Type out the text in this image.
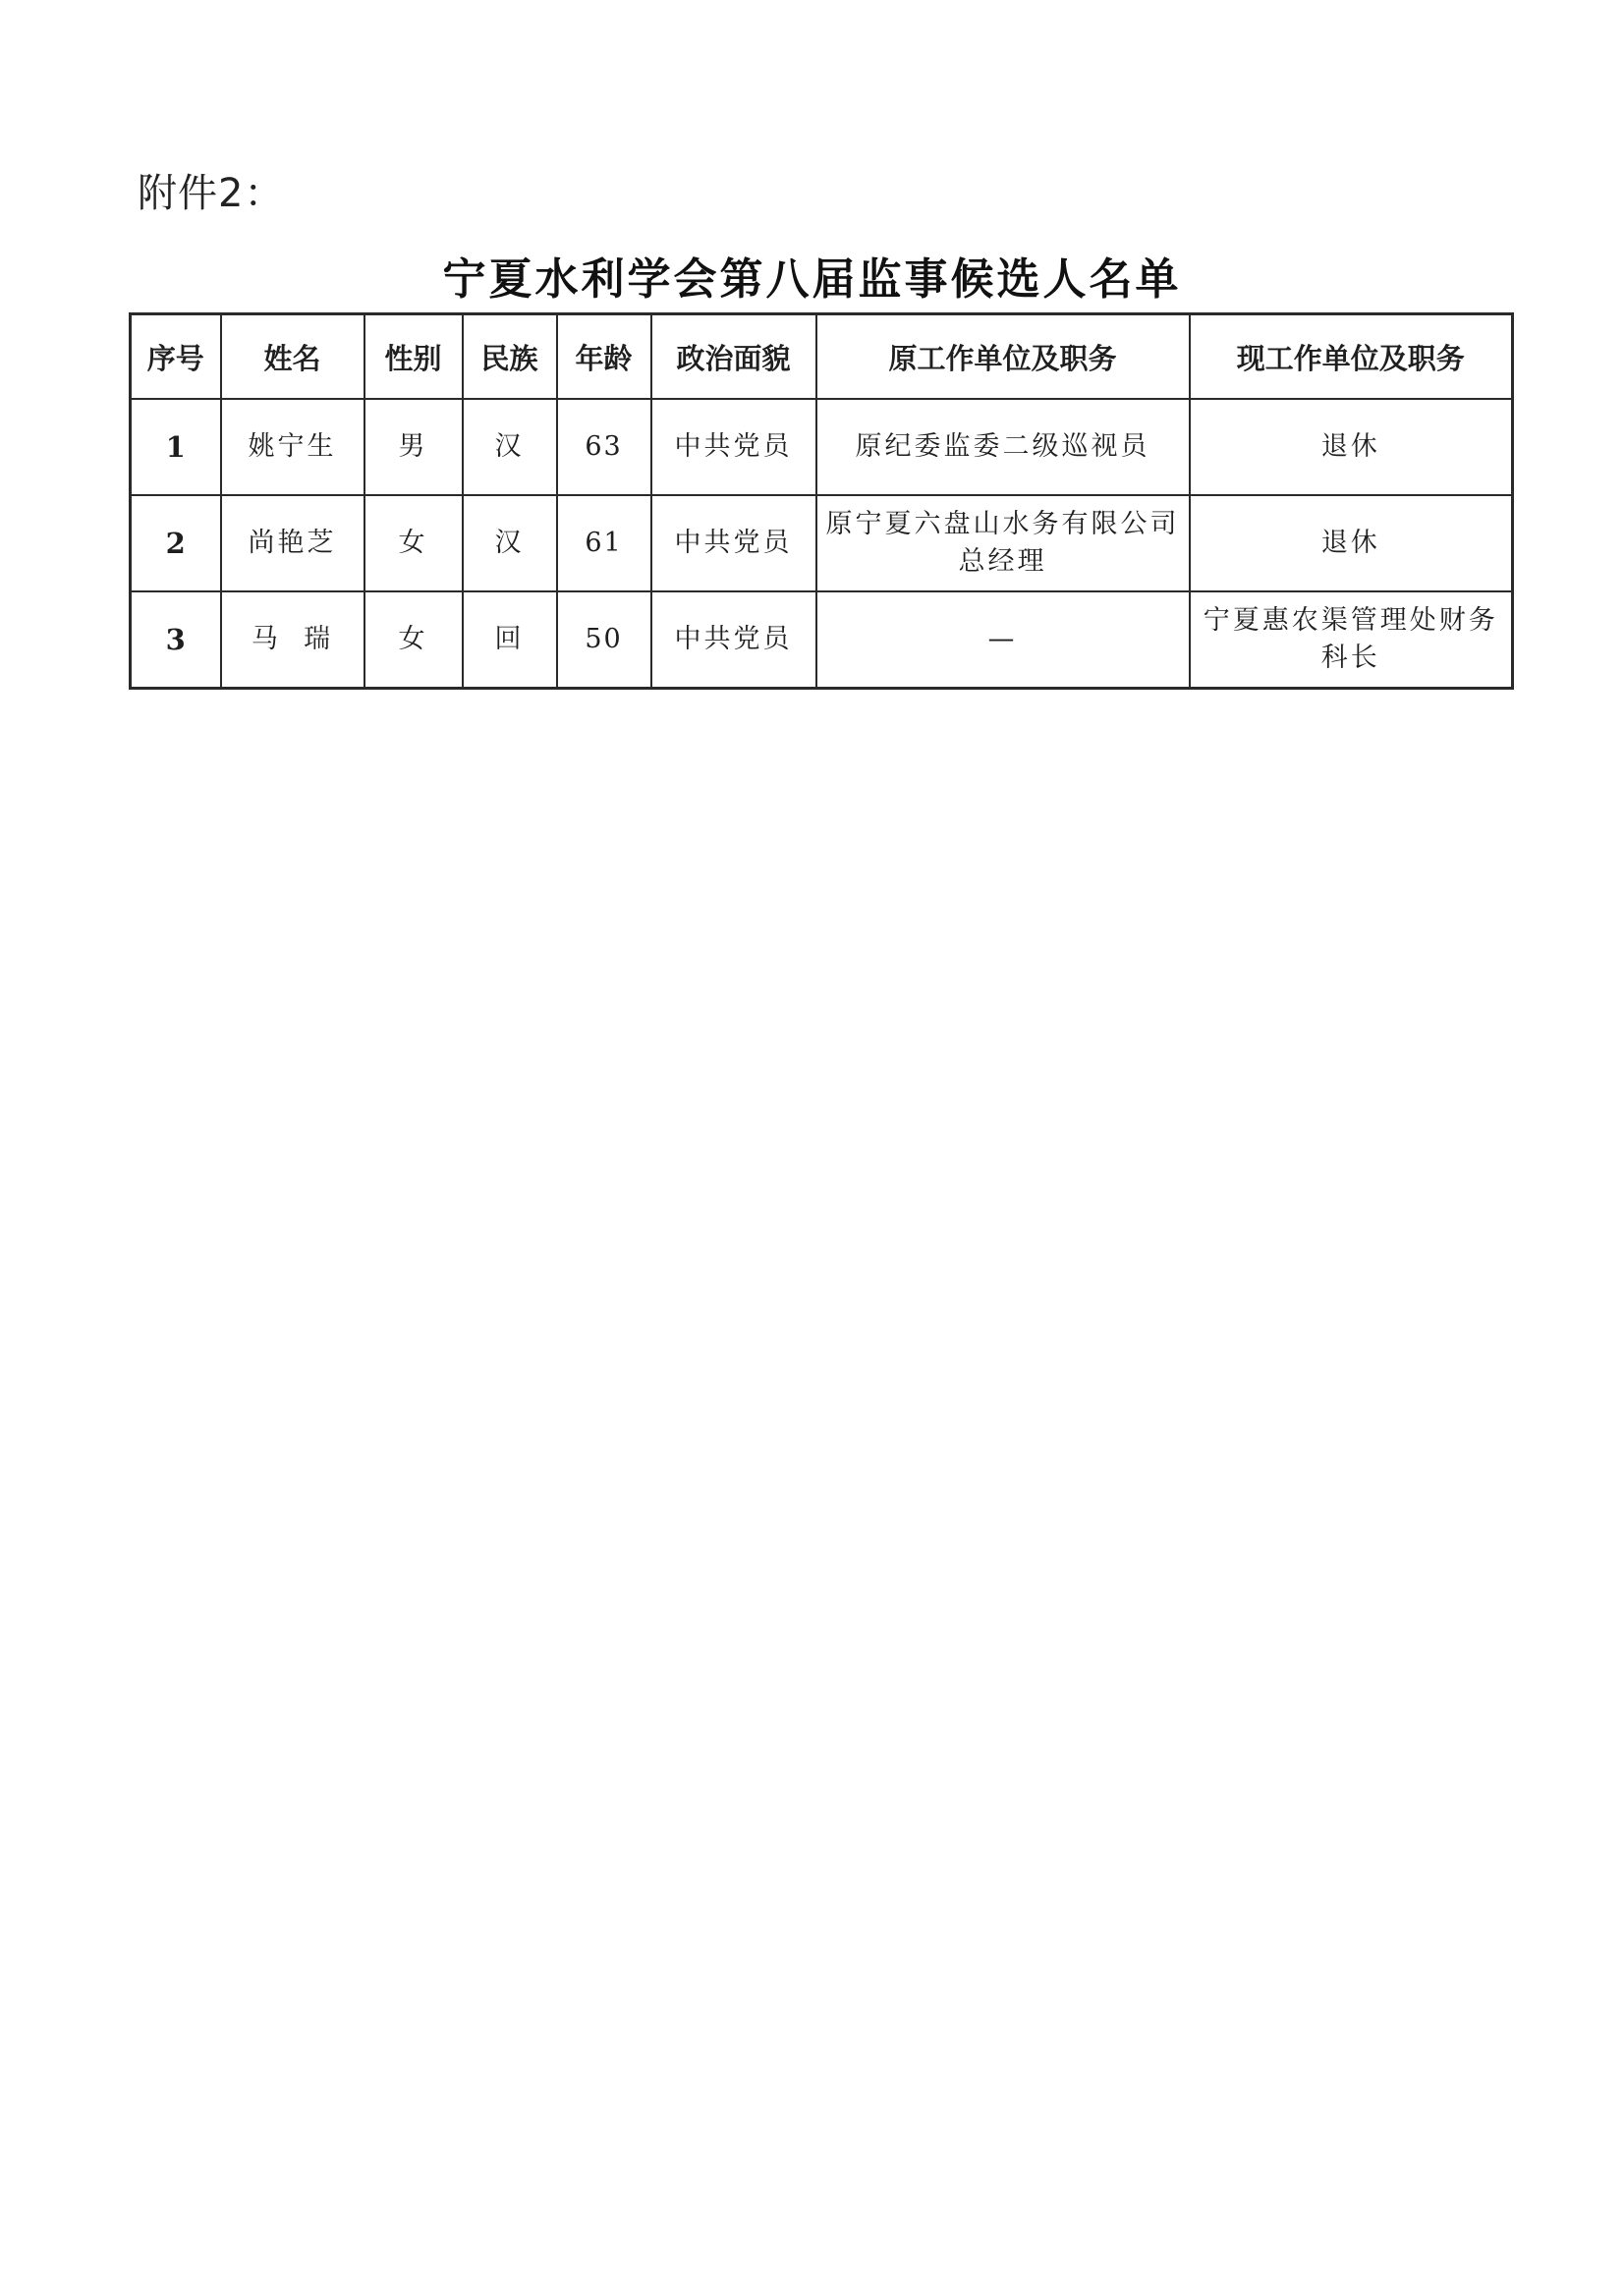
附件2：
宁夏水利学会第八届监事候选人名单
序号	姓名	性别	民族	年龄	政治面貌	原工作单位及职务	现工作单位及职务
1	姚宁生	男	汉	63	中共党员	原纪委监委二级巡视员	退休
2	尚艳芝	女	汉	61	中共党员	原宁夏六盘山水务有限公司总经理	退休
3	马  瑞	女	回	50	中共党员	—	宁夏惠农渠管理处财务科长
